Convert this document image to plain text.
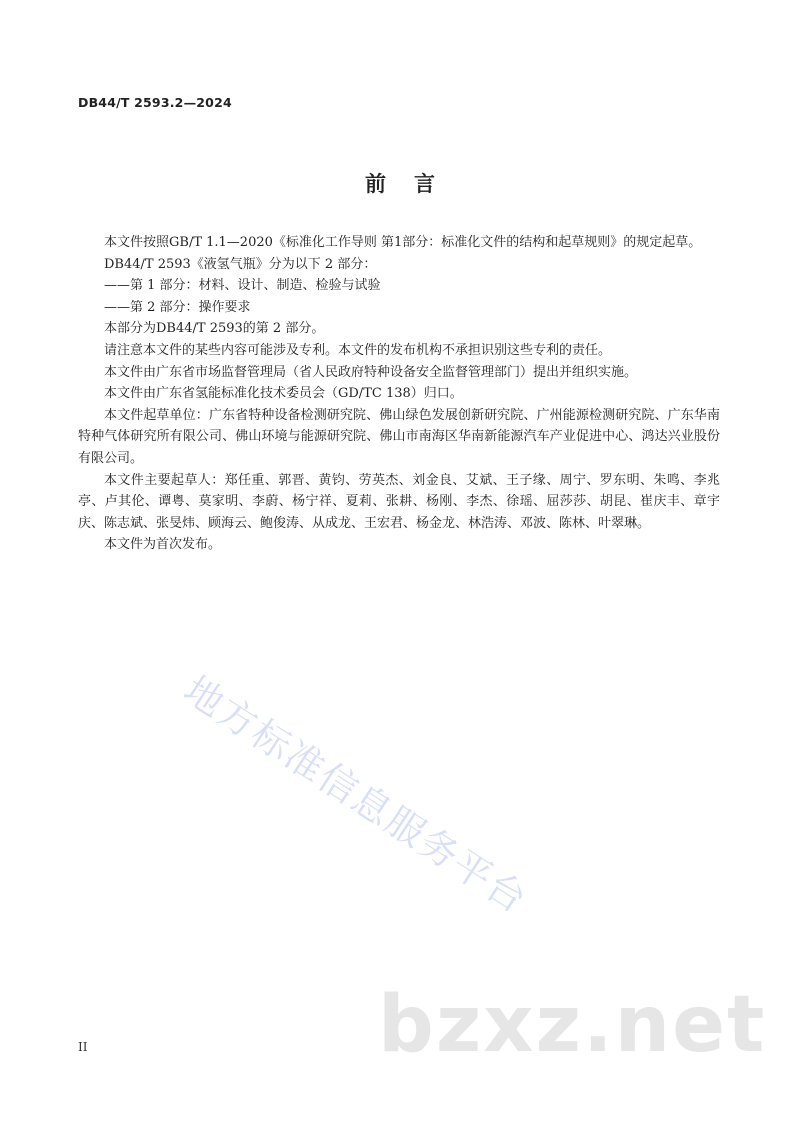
DB44/T 2593.2—2024
前 言

本文件按照GB/T 1.1—2020《标准化工作导则 第1部分：标准化文件的结构和起草规则》的规定起草。

DB44/T 2593《液氢气瓶》分为以下 2 部分：

——第 1 部分：材料、设计、制造、检验与试验

——第 2 部分：操作要求

本部分为DB44/T 2593的第 2 部分。

请注意本文件的某些内容可能涉及专利。本文件的发布机构不承担识别这些专利的责任。

本文件由广东省市场监督管理局（省人民政府特种设备安全监督管理部门）提出并组织实施。

本文件由广东省氢能标准化技术委员会（GD/TC 138）归口。

本文件起草单位：广东省特种设备检测研究院、佛山绿色发展创新研究院、广州能源检测研究院、广东华南特种气体研究所有限公司、佛山环境与能源研究院、佛山市南海区华南新能源汽车产业促进中心、鸿达兴业股份有限公司。

本文件主要起草人：郑任重、郭晋、黄钧、劳英杰、刘金良、艾斌、王子缘、周宁、罗东明、朱鸣、李兆亭、卢其伦、谭粤、莫家明、李蔚、杨宁祥、夏莉、张耕、杨刚、李杰、徐瑶、屈莎莎、胡昆、崔庆丰、章宇庆、陈志斌、张旻炜、顾海云、鲍俊涛、从成龙、王宏君、杨金龙、林浩涛、邓波、陈林、叶翠琳。

本文件为首次发布。

地方标准信息服务平台
bzxz.net
II
